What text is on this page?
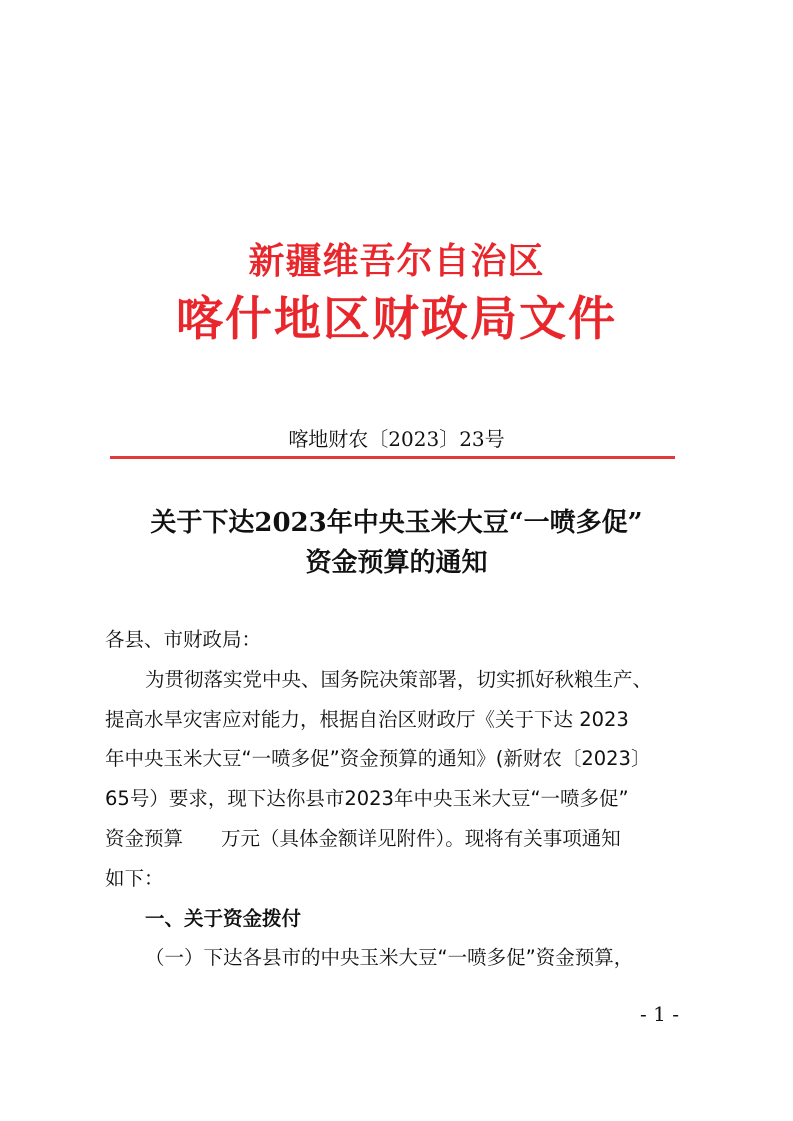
新疆维吾尔自治区
喀什地区财政局文件
喀地财农〔2023〕23号
关于下达2023年中央玉米大豆“一喷多促”
资金预算的通知

各县、市财政局：

为贯彻落实党中央、国务院决策部署，切实抓好秋粮生产、

提高水旱灾害应对能力，根据自治区财政厅《关于下达 2023

年中央玉米大豆“一喷多促”资金预算的通知》(新财农〔2023〕

65号）要求，现下达你县市2023年中央玉米大豆“一喷多促”

资金预算 万元（具体金额详见附件）。现将有关事项通知

如下：

一、关于资金拨付

（一）下达各县市的中央玉米大豆“一喷多促”资金预算，

- 1 -
